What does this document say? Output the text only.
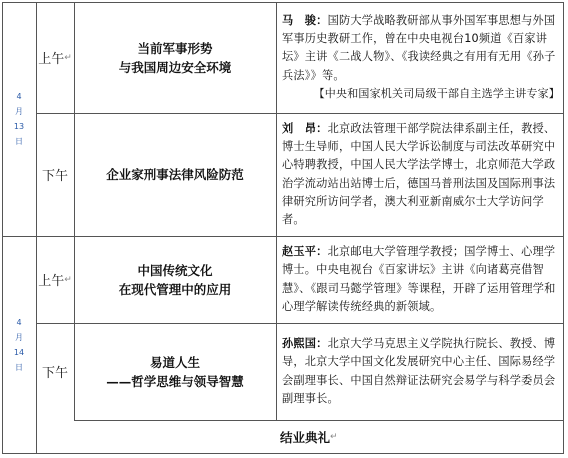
4
月
13
日
上午 ↵
当前军事形势
与我国周边安全环境

马　骏：国防大学战略教研部从事外国军事思想与外国军事历史教研工作，曾在中央电视台10频道《百家讲坛》主讲《二战人物》、《我读经典之有用有无用《孙子兵法》》等。
【中央和国家机关司局级干部自主选学主讲专家】

下午	企业家刑事法律风险防范

刘　昂：北京政法管理干部学院法律系副主任，教授、博士生导师，中国人民大学诉讼制度与司法改革研究中心特聘教授，中国人民大学法学博士，北京师范大学政治学流动站出站博士后，德国马普刑法国及国际刑事法律研究所访问学者，澳大利亚新南威尔士大学访问学者。

4
月
14
日
上午 ↵
中国传统文化
在现代管理中的应用

赵玉平：北京邮电大学管理学教授；国学博士、心理学博士。中央电视台《百家讲坛》主讲《向诸葛亮借智慧》、《跟司马懿学管理》等课程，开辟了运用管理学和心理学解读传统经典的新领域。

下午
易道人生
——哲学思维与领导智慧

孙熙国：北京大学马克思主义学院执行院长、教授、博导，北京大学中国文化发展研究中心主任、国际易经学会副理事长、中国自然辩证法研究会易学与科学委员会副理事长。

结业典礼 ↵
